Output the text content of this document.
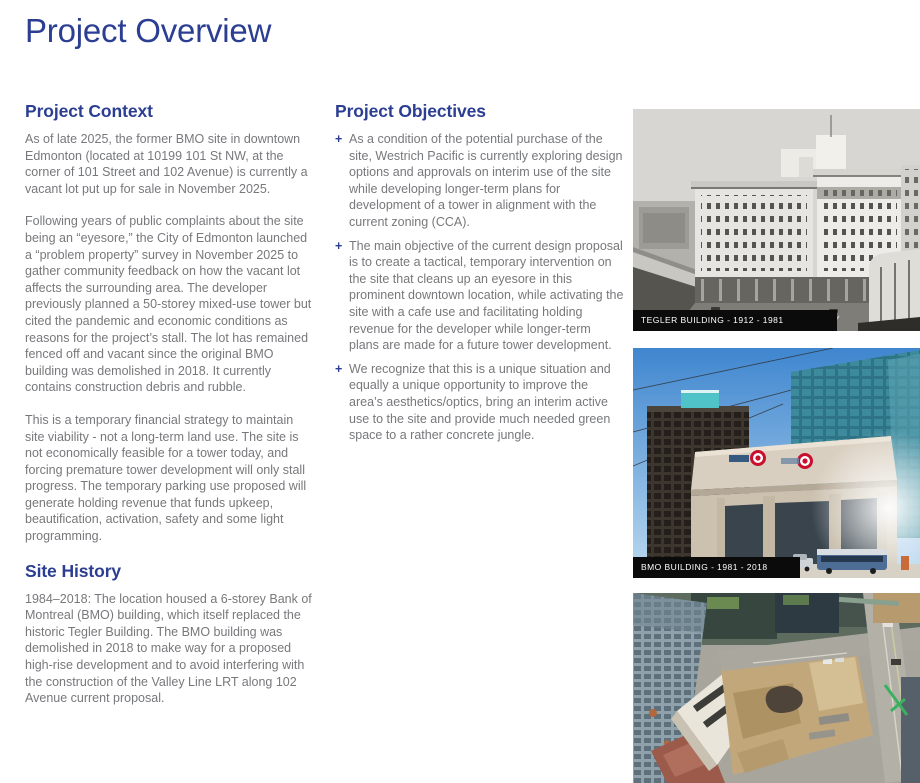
Project Overview
Project Context

As of late 2025, the former BMO site in downtown Edmonton (located at 10199 101 St NW, at the corner of 101 Street and 102 Avenue) is currently a vacant lot put up for sale in November 2025.

Following years of public complaints about the site being an “eyesore,” the City of Edmonton launched a “problem property” survey in November 2025 to gather community feedback on how the vacant lot affects the surrounding area. The developer previously planned a 50-storey mixed-use tower but cited the pandemic and economic conditions as reasons for the project’s stall. The lot has remained fenced off and vacant since the original BMO building was demolished in 2018. It currently contains construction debris and rubble.

This is a temporary financial strategy to maintain site viability - not a long-term land use. The site is not economically feasible for a tower today, and forcing premature tower development will only stall progress. The temporary parking use proposed will generate holding revenue that funds upkeep, beautification, activation, safety and some light programming.

Site History

1984–2018: The location housed a 6-storey Bank of Montreal (BMO) building, which itself replaced the historic Tegler Building. The BMO building was demolished in 2018 to make way for a proposed high-rise development and to avoid interfering with the construction of the Valley Line LRT along 102 Avenue current proposal.

Project Objectives
+ As a condition of the potential purchase of the site, Westrich Pacific is currently exploring design options and approvals on interim use of the site while developing longer-term plans for development of a tower in alignment with the current zoning (CCA).
+ The main objective of the current design proposal is to create a tactical, temporary intervention on the site that cleans up an eyesore in this prominent downtown location, while activating the site with a cafe use and facilitating holding revenue for the developer while longer-term plans are made for a future tower development.
+ We recognize that this is a unique situation and equally a unique opportunity to improve the area’s aesthetics/optics, bring an interim active use to the site and provide much needed green space to a rather concrete jungle.
TEGLER BUILDING - 1912 - 1981
BMO BUILDING - 1981 - 2018
